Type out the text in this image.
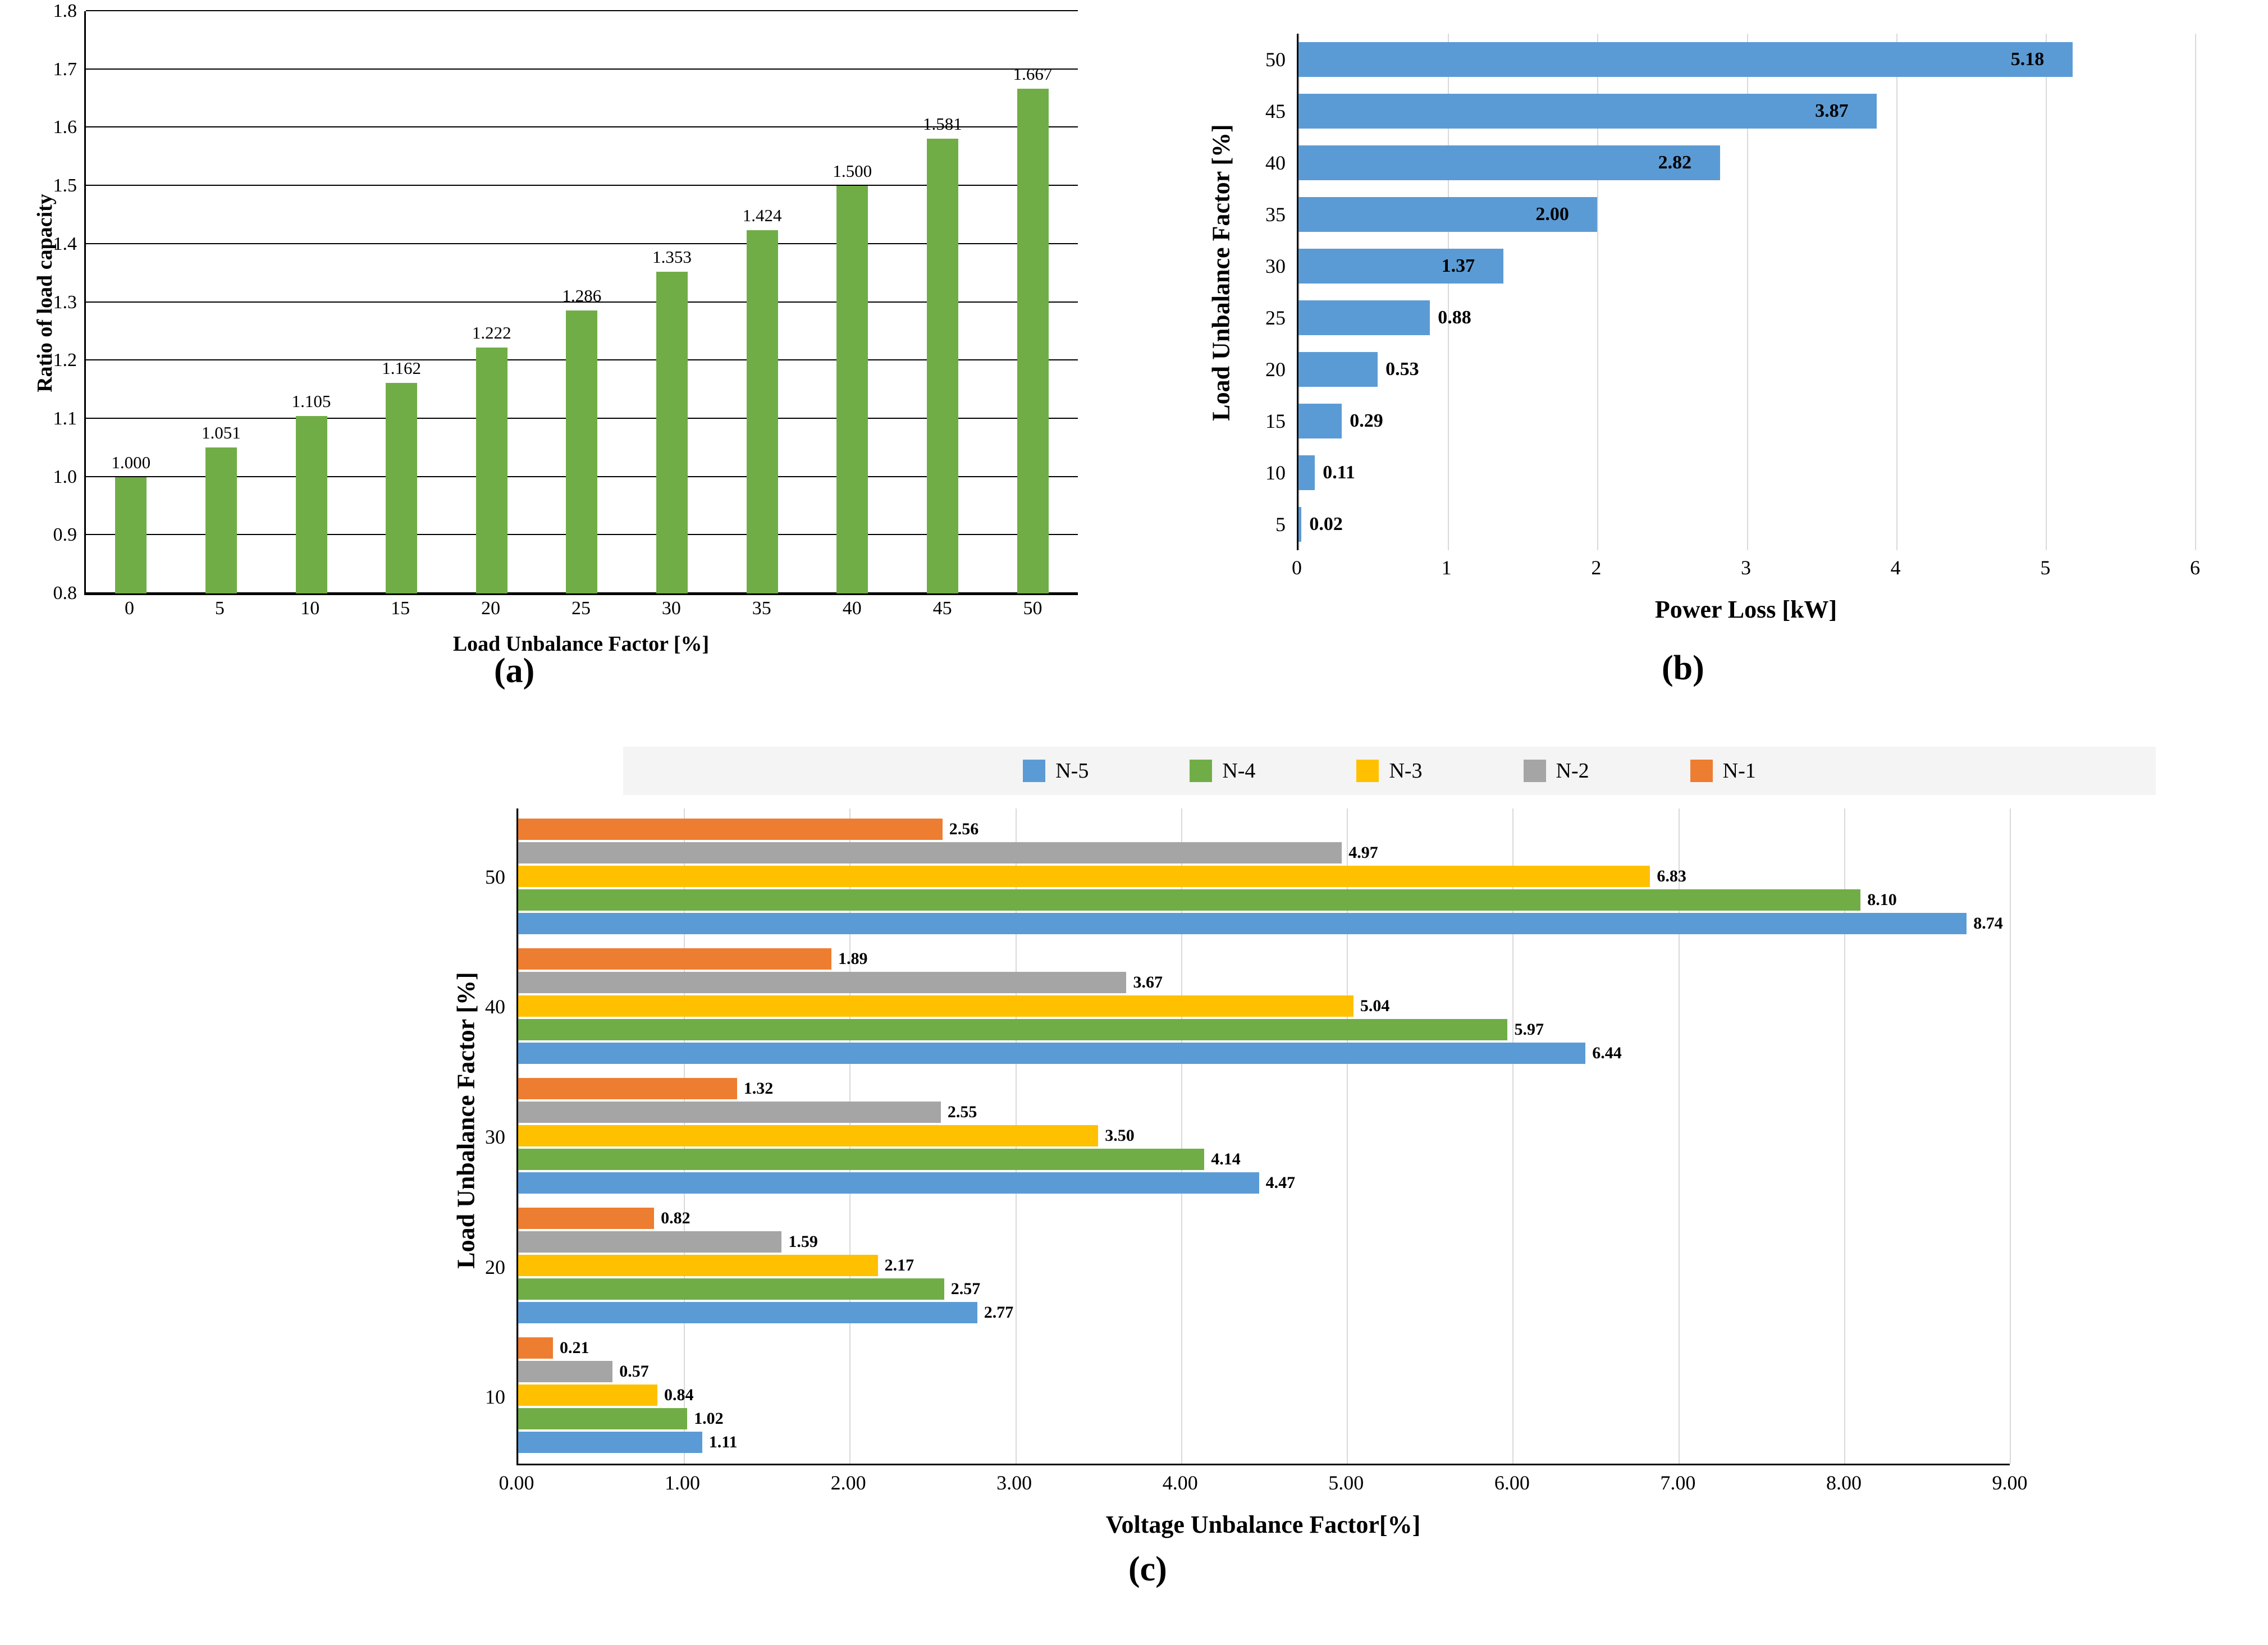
0.8
0.9
1.0
1.1
1.2
1.3
1.4
1.5
1.6
1.7
1.8
1.000
1.051
1.105
1.162
1.222
1.286
1.353
1.424
1.500
1.581
1.667
0	5	10	15	20	25	30	35	40	45	50
Load Unbalance Factor [%]
Ratio of load capacity
(a)
0.02
0.11
0.29
0.53
0.88
1.37
2.00
2.82
3.87
5.18
5
10
15
20
25
30
35
40
45
50
0	1	2	3	4	5	6
Power Loss [kW]
Load Unbalance Factor [%]
(b)
N-5	N-4	N-3	N-2	N-1
1.11
1.02
0.84
0.57
0.21
2.77
2.57
2.17
1.59
0.82
4.47
4.14
3.50
2.55
1.32
6.44
5.97
5.04
3.67
1.89
8.74
8.10
6.83
4.97
2.56
10
20
30
40
50
0.00	1.00	2.00	3.00	4.00	5.00	6.00	7.00	8.00	9.00
Voltage Unbalance Factor[%]
Load Unbalance Factor [%]
(c)
